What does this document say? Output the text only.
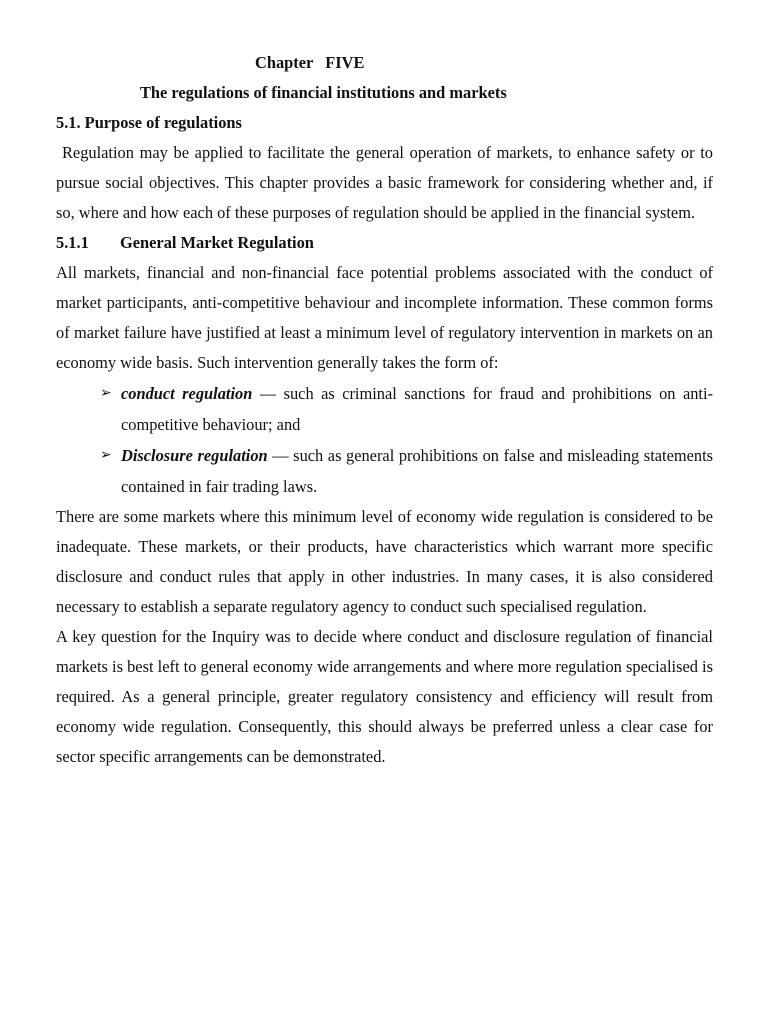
Chapter   FIVE
The regulations of financial institutions and markets
5.1. Purpose of regulations

Regulation may be applied to facilitate the general operation of markets, to enhance safety or to pursue social objectives. This chapter provides a basic framework for considering whether and, if so, where and how each of these purposes of regulation should be applied in the financial system.

5.1.1 General Market Regulation

All markets, financial and non-financial face potential problems associated with the conduct of market participants, anti-competitive behaviour and incomplete information. These common forms of market failure have justified at least a minimum level of regulatory intervention in markets on an economy wide basis. Such intervention generally takes the form of:

➢ conduct regulation — such as criminal sanctions for fraud and prohibitions on anti-competitive behaviour; and
➢ Disclosure regulation — such as general prohibitions on false and misleading statements contained in fair trading laws.

There are some markets where this minimum level of economy wide regulation is considered to be inadequate. These markets, or their products, have characteristics which warrant more specific disclosure and conduct rules that apply in other industries. In many cases, it is also considered necessary to establish a separate regulatory agency to conduct such specialised regulation.

A key question for the Inquiry was to decide where conduct and disclosure regulation of financial markets is best left to general economy wide arrangements and where more regulation specialised is required. As a general principle, greater regulatory consistency and efficiency will result from economy wide regulation. Consequently, this should always be preferred unless a clear case for sector specific arrangements can be demonstrated.
